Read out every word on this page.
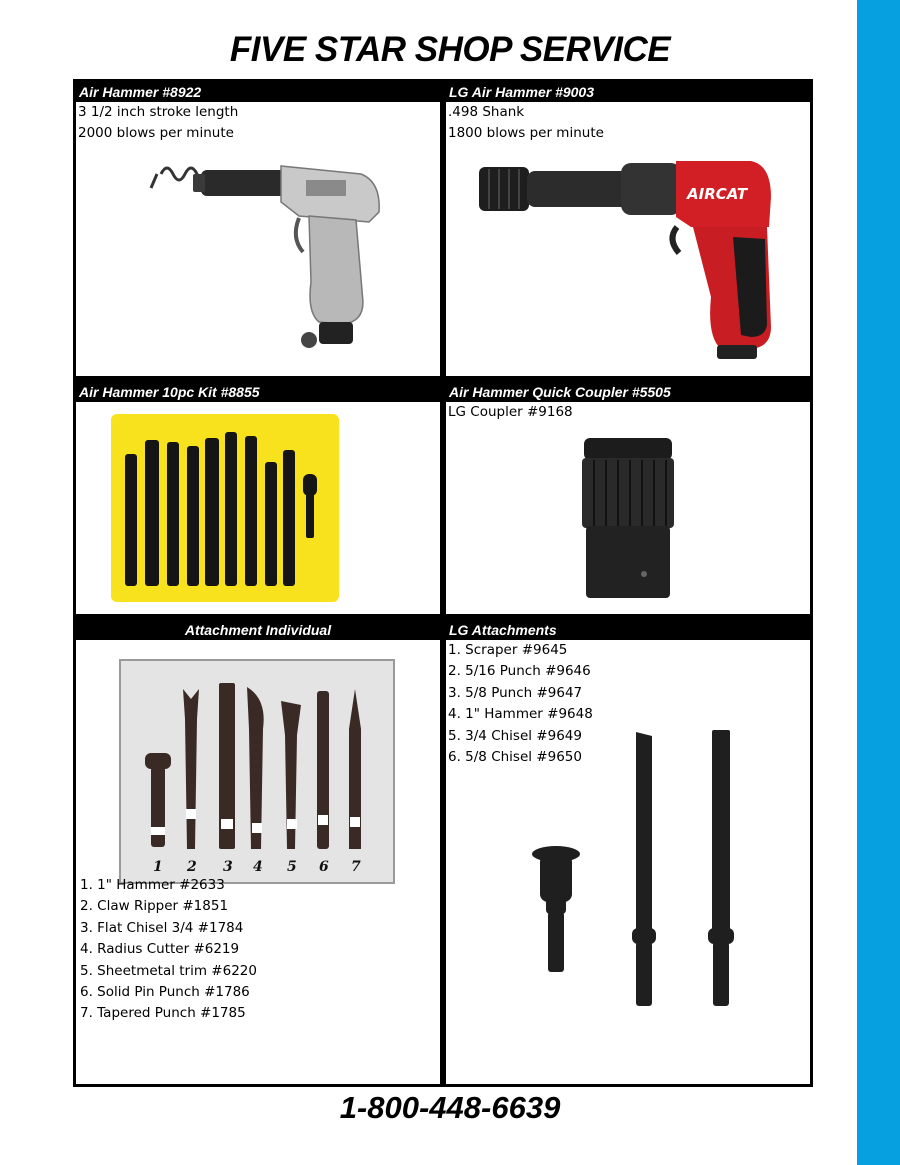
FIVE STAR SHOP SERVICE
Air Hammer #8922
3 1/2 inch stroke length
2000 blows per minute
LG Air Hammer #9003
.498 Shank
1800 blows per minute
AIRCAT
Air Hammer 10pc Kit #8855	Air Hammer Quick Coupler #5505
LG Coupler #9168
Attachment Individual
1 2 3 4 5 6 7
1. 1" Hammer #2633
2. Claw Ripper #1851
3. Flat Chisel 3/4 #1784
4. Radius Cutter #6219
5. Sheetmetal trim #6220
6. Solid Pin Punch #1786
7. Tapered Punch #1785
LG Attachments
1. Scraper #9645
2. 5/16 Punch #9646
3. 5/8 Punch #9647
4. 1" Hammer #9648
5. 3/4 Chisel #9649
6. 5/8 Chisel #9650
1-800-448-6639
